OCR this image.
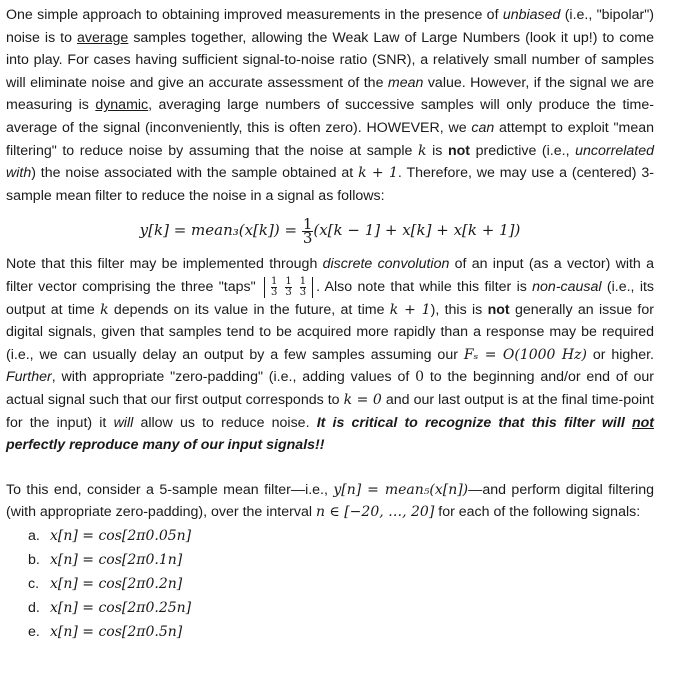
One simple approach to obtaining improved measurements in the presence of unbiased (i.e., "bipolar") noise is to average samples together, allowing the Weak Law of Large Numbers (look it up!) to come into play. For cases having sufficient signal-to-noise ratio (SNR), a relatively small number of samples will eliminate noise and give an accurate assessment of the mean value. However, if the signal we are measuring is dynamic, averaging large numbers of successive samples will only produce the time-average of the signal (inconveniently, this is often zero). HOWEVER, we can attempt to exploit "mean filtering" to reduce noise by assuming that the noise at sample k is not predictive (i.e., uncorrelated with) the noise associated with the sample obtained at k + 1. Therefore, we may use a (centered) 3-sample mean filter to reduce the noise in a signal as follows:

y[k] = mean₃(x[k]) = $\frac{1}{3} (x[k - 1] + x[k] + x[k + 1])$

Note that this filter may be implemented through discrete convolution of an input (as a vector) with a filter vector comprising the three "taps" $\frac{1}{3} \frac{1}{3} \frac{1}{3}$ . Also note that while this filter is non-causal (i.e., its output at time k depends on its value in the future, at time k + 1), this is not generally an issue for digital signals, given that samples tend to be acquired more rapidly than a response may be required (i.e., we can usually delay an output by a few samples assuming our Fₛ = O(1000 Hz) or higher. Further, with appropriate "zero-padding" (i.e., adding values of 0 to the beginning and/or end of our actual signal such that our first output corresponds to k = 0 and our last output is at the final time-point for the input) it will allow us to reduce noise. It is critical to recognize that this filter will not perfectly reproduce many of our input signals!!

To this end, consider a 5-sample mean filter—i.e., y[n] = mean₅(x[n])—and perform digital filtering (with appropriate zero-padding), over the interval n ∈ [−20, …, 20] for each of the following signals:

a. x[n] = cos[2π0.05n]
b. x[n] = cos[2π0.1n]
c. x[n] = cos[2π0.2n]
d. x[n] = cos[2π0.25n]
e. x[n] = cos[2π0.5n]
